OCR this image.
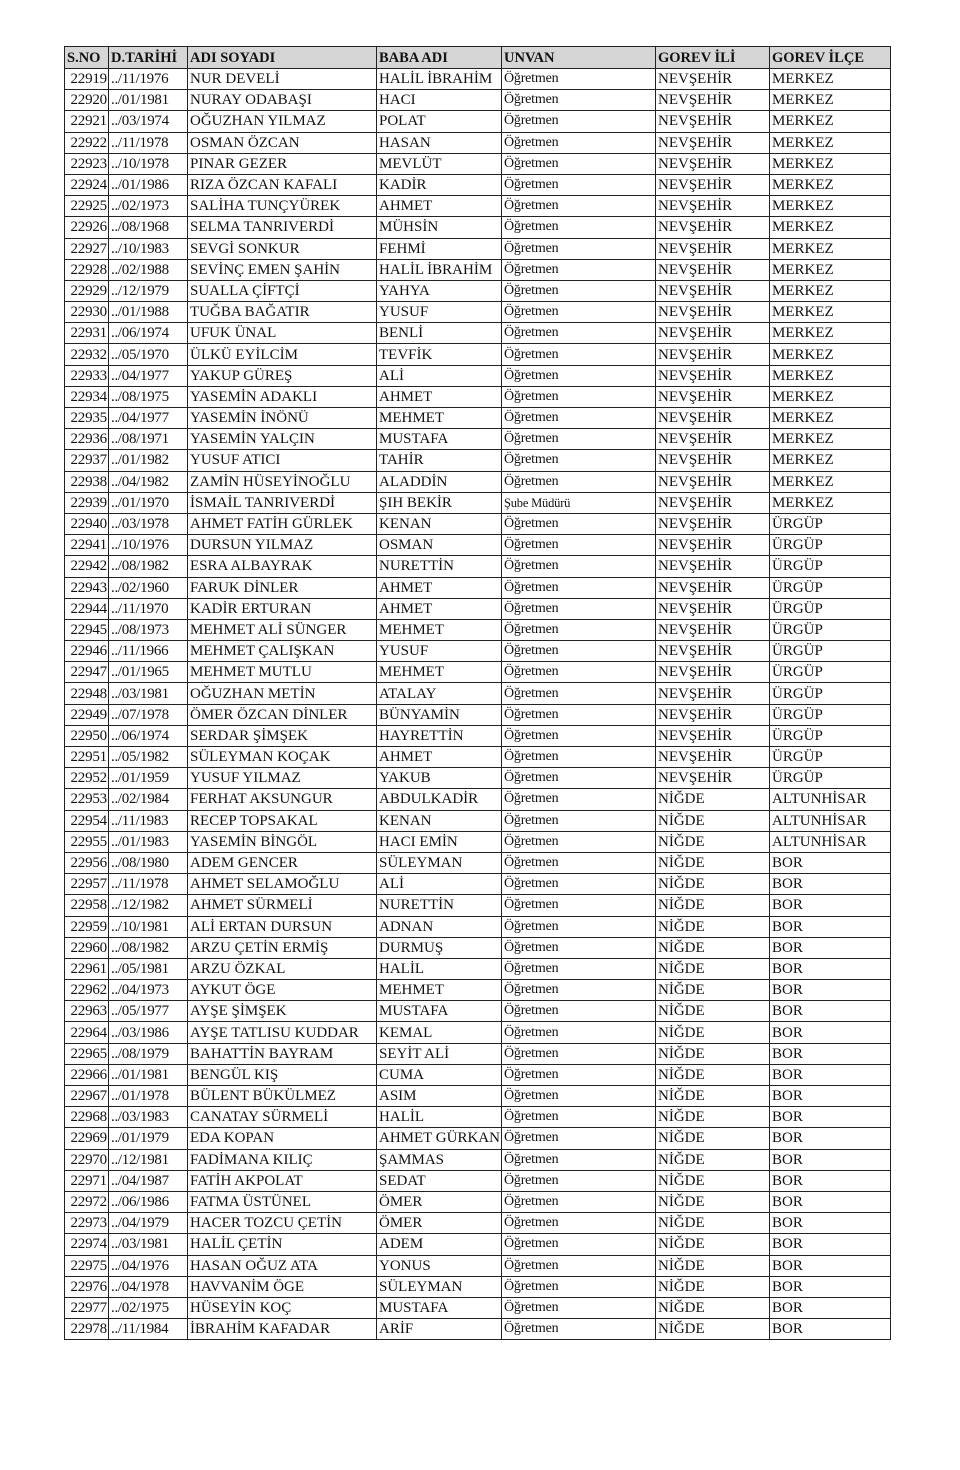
S.NO	D.TARİHİ	ADI SOYADI	BABA ADI	UNVAN	GOREV İLİ	GOREV İLÇE
22919	../11/1976	NUR DEVELİ	HALİL İBRAHİM	Öğretmen	NEVŞEHİR	MERKEZ
22920	../01/1981	NURAY ODABAŞI	HACI	Öğretmen	NEVŞEHİR	MERKEZ
22921	../03/1974	OĞUZHAN YILMAZ	POLAT	Öğretmen	NEVŞEHİR	MERKEZ
22922	../11/1978	OSMAN ÖZCAN	HASAN	Öğretmen	NEVŞEHİR	MERKEZ
22923	../10/1978	PINAR GEZER	MEVLÜT	Öğretmen	NEVŞEHİR	MERKEZ
22924	../01/1986	RIZA ÖZCAN KAFALI	KADİR	Öğretmen	NEVŞEHİR	MERKEZ
22925	../02/1973	SALİHA TUNÇYÜREK	AHMET	Öğretmen	NEVŞEHİR	MERKEZ
22926	../08/1968	SELMA TANRIVERDİ	MÜHSİN	Öğretmen	NEVŞEHİR	MERKEZ
22927	../10/1983	SEVGİ SONKUR	FEHMİ	Öğretmen	NEVŞEHİR	MERKEZ
22928	../02/1988	SEVİNÇ EMEN ŞAHİN	HALİL İBRAHİM	Öğretmen	NEVŞEHİR	MERKEZ
22929	../12/1979	SUALLA ÇİFTÇİ	YAHYA	Öğretmen	NEVŞEHİR	MERKEZ
22930	../01/1988	TUĞBA BAĞATIR	YUSUF	Öğretmen	NEVŞEHİR	MERKEZ
22931	../06/1974	UFUK ÜNAL	BENLİ	Öğretmen	NEVŞEHİR	MERKEZ
22932	../05/1970	ÜLKÜ EYİLCİM	TEVFİK	Öğretmen	NEVŞEHİR	MERKEZ
22933	../04/1977	YAKUP GÜREŞ	ALİ	Öğretmen	NEVŞEHİR	MERKEZ
22934	../08/1975	YASEMİN ADAKLI	AHMET	Öğretmen	NEVŞEHİR	MERKEZ
22935	../04/1977	YASEMİN İNÖNÜ	MEHMET	Öğretmen	NEVŞEHİR	MERKEZ
22936	../08/1971	YASEMİN YALÇIN	MUSTAFA	Öğretmen	NEVŞEHİR	MERKEZ
22937	../01/1982	YUSUF ATICI	TAHİR	Öğretmen	NEVŞEHİR	MERKEZ
22938	../04/1982	ZAMİN HÜSEYİNOĞLU	ALADDİN	Öğretmen	NEVŞEHİR	MERKEZ
22939	../01/1970	İSMAİL TANRIVERDİ	ŞIH BEKİR	Şube Müdürü	NEVŞEHİR	MERKEZ
22940	../03/1978	AHMET FATİH GÜRLEK	KENAN	Öğretmen	NEVŞEHİR	ÜRGÜP
22941	../10/1976	DURSUN YILMAZ	OSMAN	Öğretmen	NEVŞEHİR	ÜRGÜP
22942	../08/1982	ESRA ALBAYRAK	NURETTİN	Öğretmen	NEVŞEHİR	ÜRGÜP
22943	../02/1960	FARUK DİNLER	AHMET	Öğretmen	NEVŞEHİR	ÜRGÜP
22944	../11/1970	KADİR ERTURAN	AHMET	Öğretmen	NEVŞEHİR	ÜRGÜP
22945	../08/1973	MEHMET ALİ SÜNGER	MEHMET	Öğretmen	NEVŞEHİR	ÜRGÜP
22946	../11/1966	MEHMET ÇALIŞKAN	YUSUF	Öğretmen	NEVŞEHİR	ÜRGÜP
22947	../01/1965	MEHMET MUTLU	MEHMET	Öğretmen	NEVŞEHİR	ÜRGÜP
22948	../03/1981	OĞUZHAN METİN	ATALAY	Öğretmen	NEVŞEHİR	ÜRGÜP
22949	../07/1978	ÖMER ÖZCAN DİNLER	BÜNYAMİN	Öğretmen	NEVŞEHİR	ÜRGÜP
22950	../06/1974	SERDAR ŞİMŞEK	HAYRETTİN	Öğretmen	NEVŞEHİR	ÜRGÜP
22951	../05/1982	SÜLEYMAN KOÇAK	AHMET	Öğretmen	NEVŞEHİR	ÜRGÜP
22952	../01/1959	YUSUF YILMAZ	YAKUB	Öğretmen	NEVŞEHİR	ÜRGÜP
22953	../02/1984	FERHAT AKSUNGUR	ABDULKADİR	Öğretmen	NİĞDE	ALTUNHİSAR
22954	../11/1983	RECEP TOPSAKAL	KENAN	Öğretmen	NİĞDE	ALTUNHİSAR
22955	../01/1983	YASEMİN BİNGÖL	HACI EMİN	Öğretmen	NİĞDE	ALTUNHİSAR
22956	../08/1980	ADEM GENCER	SÜLEYMAN	Öğretmen	NİĞDE	BOR
22957	../11/1978	AHMET SELAMOĞLU	ALİ	Öğretmen	NİĞDE	BOR
22958	../12/1982	AHMET SÜRMELİ	NURETTİN	Öğretmen	NİĞDE	BOR
22959	../10/1981	ALİ ERTAN DURSUN	ADNAN	Öğretmen	NİĞDE	BOR
22960	../08/1982	ARZU ÇETİN ERMİŞ	DURMUŞ	Öğretmen	NİĞDE	BOR
22961	../05/1981	ARZU ÖZKAL	HALİL	Öğretmen	NİĞDE	BOR
22962	../04/1973	AYKUT ÖGE	MEHMET	Öğretmen	NİĞDE	BOR
22963	../05/1977	AYŞE ŞİMŞEK	MUSTAFA	Öğretmen	NİĞDE	BOR
22964	../03/1986	AYŞE TATLISU KUDDAR	KEMAL	Öğretmen	NİĞDE	BOR
22965	../08/1979	BAHATTİN BAYRAM	SEYİT ALİ	Öğretmen	NİĞDE	BOR
22966	../01/1981	BENGÜL KIŞ	CUMA	Öğretmen	NİĞDE	BOR
22967	../01/1978	BÜLENT BÜKÜLMEZ	ASIM	Öğretmen	NİĞDE	BOR
22968	../03/1983	CANATAY SÜRMELİ	HALİL	Öğretmen	NİĞDE	BOR
22969	../01/1979	EDA KOPAN	AHMET GÜRKAN	Öğretmen	NİĞDE	BOR
22970	../12/1981	FADİMANA KILIÇ	ŞAMMAS	Öğretmen	NİĞDE	BOR
22971	../04/1987	FATİH AKPOLAT	SEDAT	Öğretmen	NİĞDE	BOR
22972	../06/1986	FATMA ÜSTÜNEL	ÖMER	Öğretmen	NİĞDE	BOR
22973	../04/1979	HACER TOZCU ÇETİN	ÖMER	Öğretmen	NİĞDE	BOR
22974	../03/1981	HALİL ÇETİN	ADEM	Öğretmen	NİĞDE	BOR
22975	../04/1976	HASAN OĞUZ ATA	YONUS	Öğretmen	NİĞDE	BOR
22976	../04/1978	HAVVANİM ÖGE	SÜLEYMAN	Öğretmen	NİĞDE	BOR
22977	../02/1975	HÜSEYİN KOÇ	MUSTAFA	Öğretmen	NİĞDE	BOR
22978	../11/1984	İBRAHİM KAFADAR	ARİF	Öğretmen	NİĞDE	BOR
